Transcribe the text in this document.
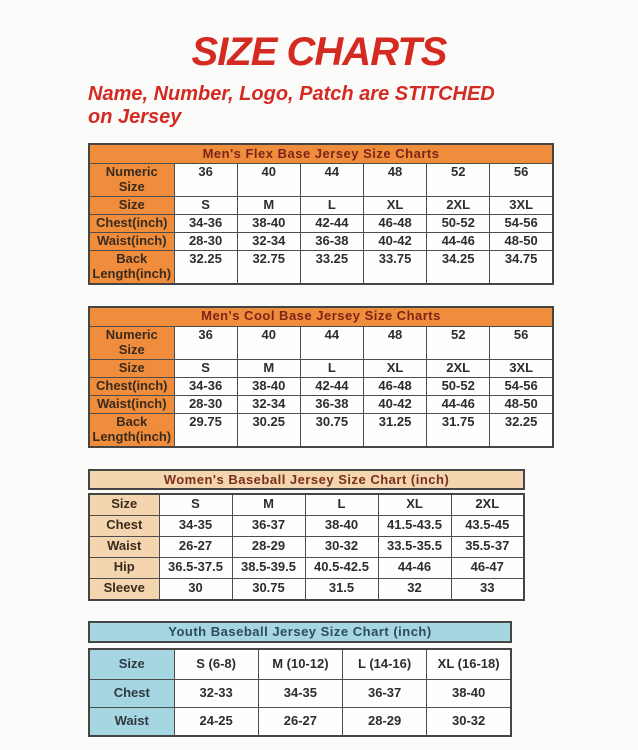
SIZE CHARTS

Name, Number, Logo, Patch are STITCHED
on Jersey

Men's Flex Base Jersey Size Charts						
Numeric Size	36	40	44	48	52	56
Size	S	M	L	XL	2XL	3XL
Chest(inch)	34-36	38-40	42-44	46-48	50-52	54-56
Waist(inch)	28-30	32-34	36-38	40-42	44-46	48-50
Back Length(inch)	32.25	32.75	33.25	33.75	34.25	34.75
Men's Cool Base Jersey Size Charts						
Numeric Size	36	40	44	48	52	56
Size	S	M	L	XL	2XL	3XL
Chest(inch)	34-36	38-40	42-44	46-48	50-52	54-56
Waist(inch)	28-30	32-34	36-38	40-42	44-46	48-50
Back Length(inch)	29.75	30.25	30.75	31.25	31.75	32.25
Women's Baseball Jersey Size Chart (inch)
Size	S	M	L	XL	2XL
Chest	34-35	36-37	38-40	41.5-43.5	43.5-45
Waist	26-27	28-29	30-32	33.5-35.5	35.5-37
Hip	36.5-37.5	38.5-39.5	40.5-42.5	44-46	46-47
Sleeve	30	30.75	31.5	32	33
Youth Baseball Jersey Size Chart (inch)
Size	S (6-8)	M (10-12)	L (14-16)	XL (16-18)
Chest	32-33	34-35	36-37	38-40
Waist	24-25	26-27	28-29	30-32
